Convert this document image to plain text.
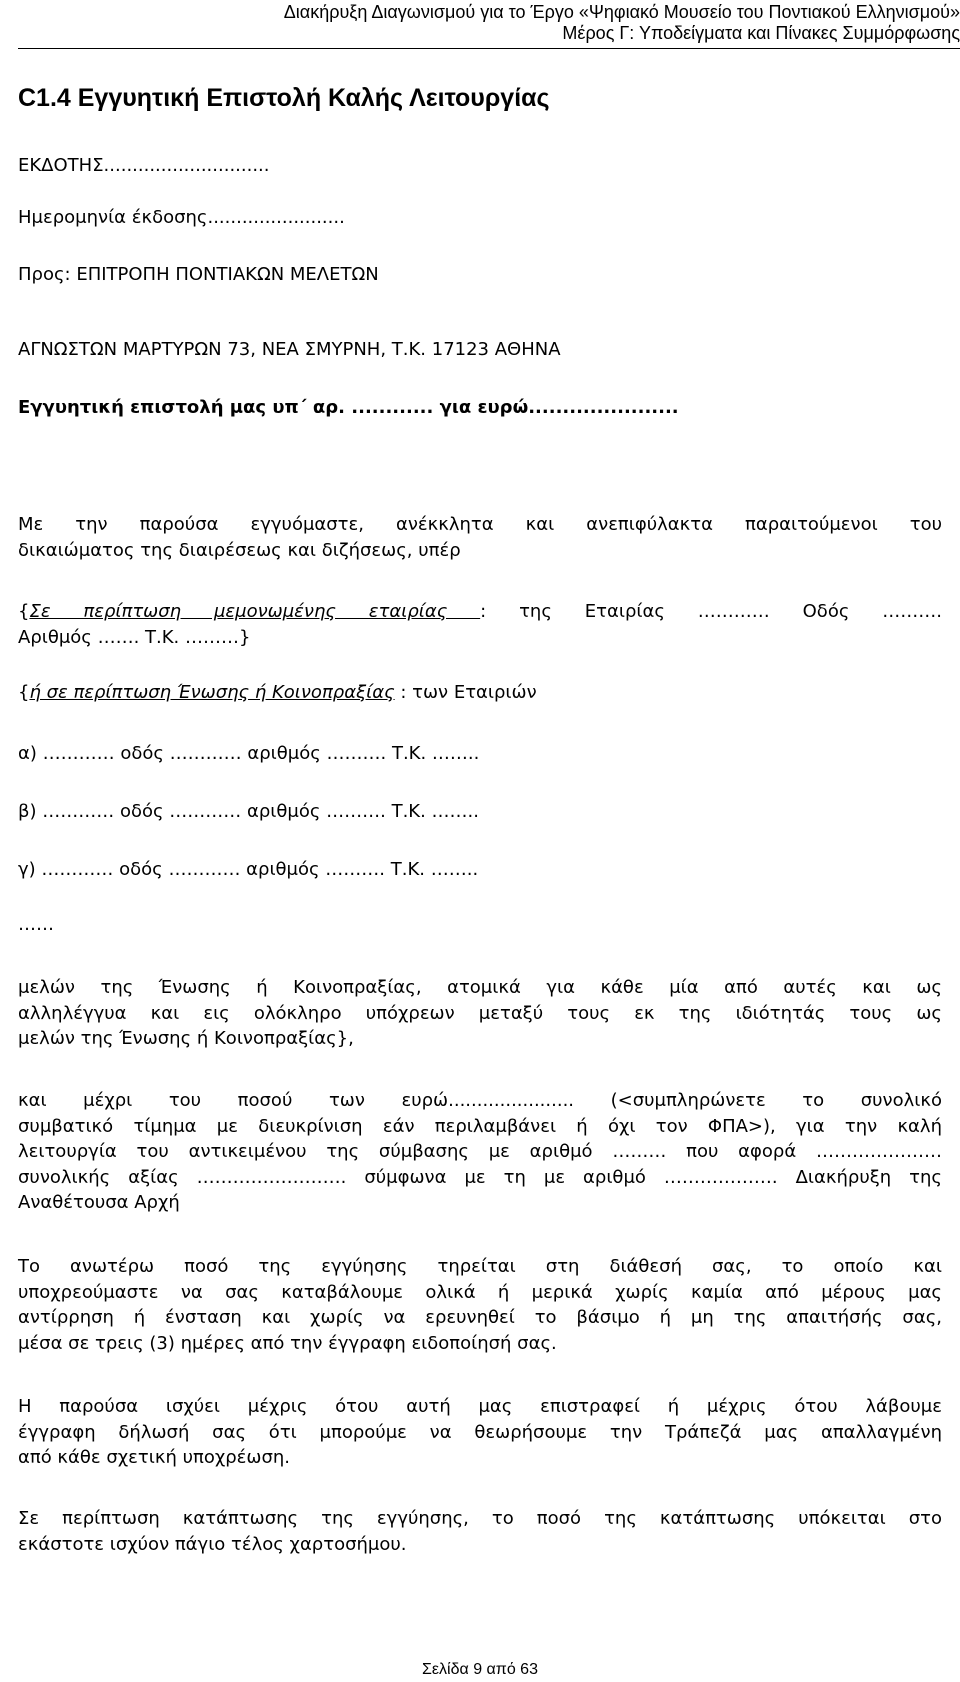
Διακήρυξη Διαγωνισμού για το Έργο «Ψηφιακό Μουσείο του Ποντιακού Ελληνισμού»
Μέρος Γ: Υποδείγματα και Πίνακες Συμμόρφωσης
C1.4 Εγγυητική Επιστολή Καλής Λειτουργίας
ΕΚΔΟΤΗΣ.............................
Ημερομηνία έκδοσης........................
Προς: ΕΠΙΤΡΟΠΗ ΠΟΝΤΙΑΚΩΝ ΜΕΛΕΤΩΝ
ΑΓΝΩΣΤΩΝ ΜΑΡΤΥΡΩΝ 73, ΝΕΑ ΣΜΥΡΝΗ, Τ.Κ. 17123 ΑΘΗΝΑ
Εγγυητική επιστολή μας υπ΄ αρ. ............ για ευρώ......................
Με την παρούσα εγγυόμαστε, ανέκκλητα και ανεπιφύλακτα παραιτούμενοι του
δικαιώματος της διαιρέσεως και διζήσεως, υπέρ
{Σε περίπτωση μεμονωμένης εταιρίας : της Εταιρίας ………… Οδός ……….
Αριθμός ……. Τ.Κ. ………}
{ή σε περίπτωση Ένωσης ή Κοινοπραξίας : των Εταιριών
α) ………… οδός ………… αριθμός ………. Τ.Κ. ……..
β) ………… οδός ………… αριθμός ………. Τ.Κ. ……..
γ) ………… οδός ………… αριθμός ………. Τ.Κ. ……..
……
μελών της Ένωσης ή Κοινοπραξίας, ατομικά για κάθε μία από αυτές και ως
αλληλέγγυα και εις ολόκληρο υπόχρεων μεταξύ τους εκ της ιδιότητάς τους ως
μελών της Ένωσης ή Κοινοπραξίας},
και μέχρι του ποσού των ευρώ...................... (<συμπληρώνετε το συνολικό
συμβατικό τίμημα με διευκρίνιση εάν περιλαμβάνει ή όχι τον ΦΠΑ>), για την καλή
λειτουργία του αντικειμένου της σύμβασης με αριθμό ……… που αφορά …………………
συνολικής αξίας ……………………. σύμφωνα με τη με αριθμό ………………. Διακήρυξη της
Αναθέτουσα Αρχή
Το ανωτέρω ποσό της εγγύησης τηρείται στη διάθεσή σας, το οποίο και
υποχρεούμαστε να σας καταβάλουμε ολικά ή μερικά χωρίς καμία από μέρους μας
αντίρρηση ή ένσταση και χωρίς να ερευνηθεί το βάσιμο ή μη της απαιτήσής σας,
μέσα σε τρεις (3) ημέρες από την έγγραφη ειδοποίησή σας.
Η παρούσα ισχύει μέχρις ότου αυτή μας επιστραφεί ή μέχρις ότου λάβουμε
έγγραφη δήλωσή σας ότι μπορούμε να θεωρήσουμε την Τράπεζά μας απαλλαγμένη
από κάθε σχετική υποχρέωση.
Σε περίπτωση κατάπτωσης της εγγύησης, το ποσό της κατάπτωσης υπόκειται στο
εκάστοτε ισχύον πάγιο τέλος χαρτοσήμου.
Σελίδα 9 από 63
